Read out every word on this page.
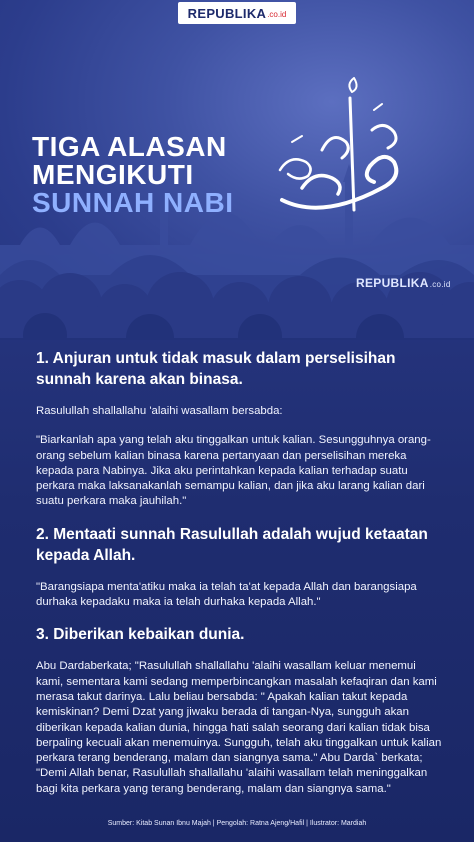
REPUBLIKA .co.id
TIGA ALASAN
MENGIKUTI
SUNNAH NABI
REPUBLIKA.co.id
1. Anjuran untuk tidak masuk dalam perselisihan sunnah karena akan binasa.
Rasulullah shallallahu 'alaihi wasallam bersabda:
"Biarkanlah apa yang telah aku tinggalkan untuk kalian. Sesungguhnya orang-orang sebelum kalian binasa karena pertanyaan dan perselisihan mereka kepada para Nabinya. Jika aku perintahkan kepada kalian terhadap suatu perkara maka laksanakanlah semampu kalian, dan jika aku larang kalian dari suatu perkara maka jauhilah."
2. Mentaati sunnah Rasulullah adalah wujud ketaatan kepada Allah.
"Barangsiapa menta'atiku maka ia telah ta'at kepada Allah dan barangsiapa durhaka kepadaku maka ia telah durhaka kepada Allah."
3. Diberikan kebaikan dunia.
Abu Dardaberkata; "Rasulullah shallallahu 'alaihi wasallam keluar menemui kami, sementara kami sedang memperbincangkan masalah kefaqiran dan kami merasa takut darinya. Lalu beliau bersabda: " Apakah kalian takut kepada kemiskinan? Demi Dzat yang jiwaku berada di tangan-Nya, sungguh akan diberikan kepada kalian dunia, hingga hati salah seorang dari kalian tidak bisa berpaling kecuali akan menemuinya. Sungguh, telah aku tinggalkan untuk kalian perkara terang benderang, malam dan siangnya sama." Abu Darda` berkata; "Demi Allah benar, Rasulullah shallallahu 'alaihi wasallam telah meninggalkan bagi kita perkara yang terang benderang, malam dan siangnya sama."
Sumber: Kitab Sunan Ibnu Majah | Pengolah: Ratna Ajeng/Hafil | Ilustrator: Mardiah
